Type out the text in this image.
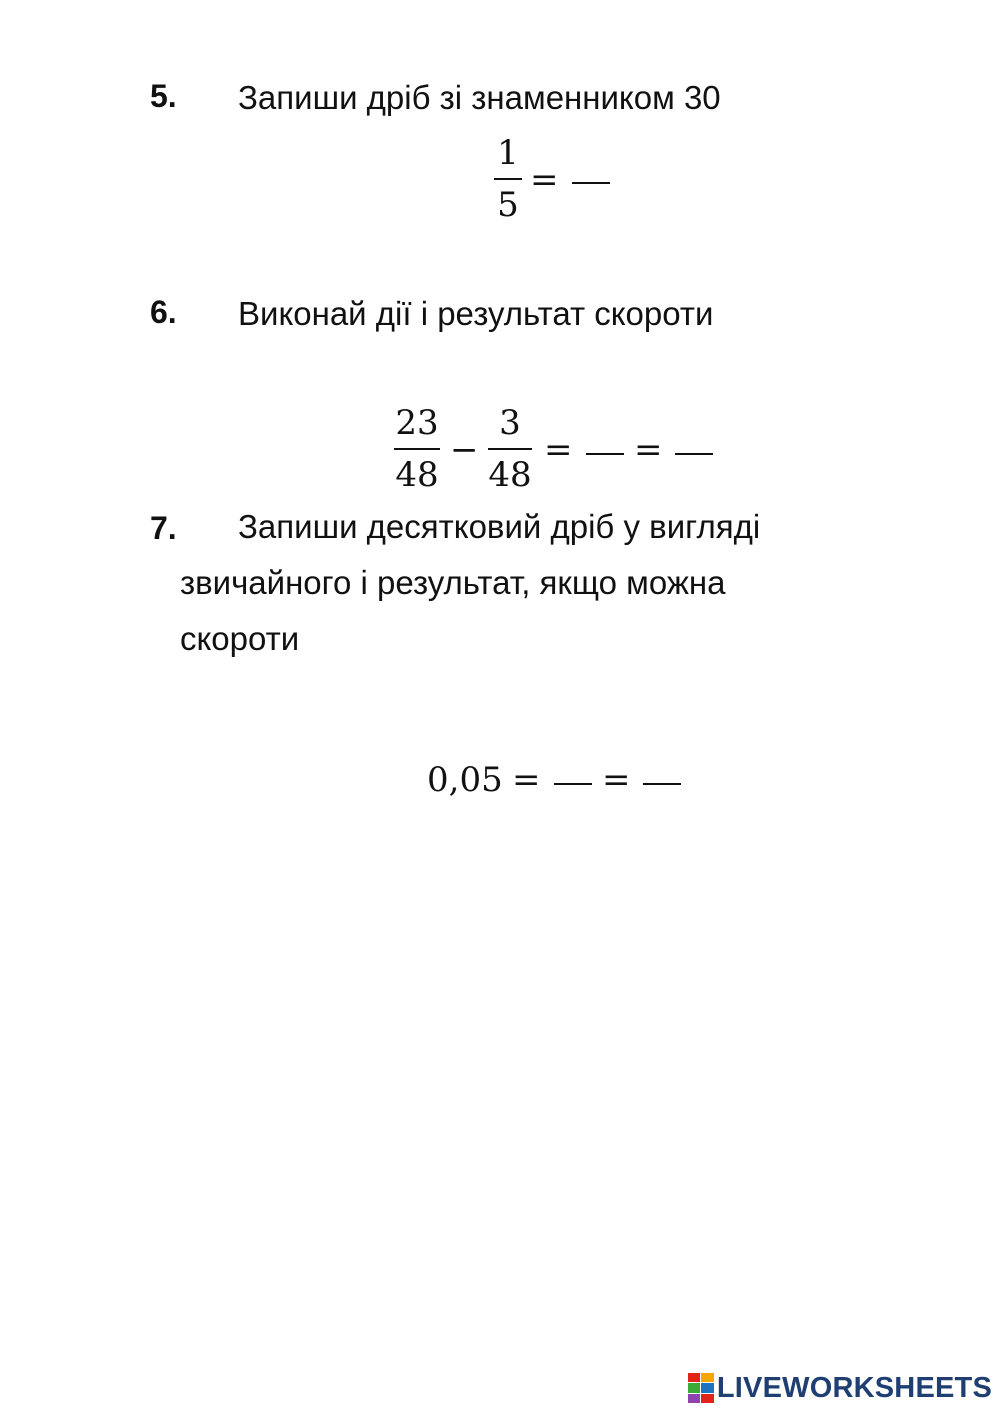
5. Запиши дріб зі знаменником 30
1
5
=
6. Виконай дії і результат скороти
23
48
−
3
48
= =
7. Запиши десятковий дріб у вигляді
звичайного і результат, якщо можна
скороти
0,05 = =
LIVEWORKSHEETS
